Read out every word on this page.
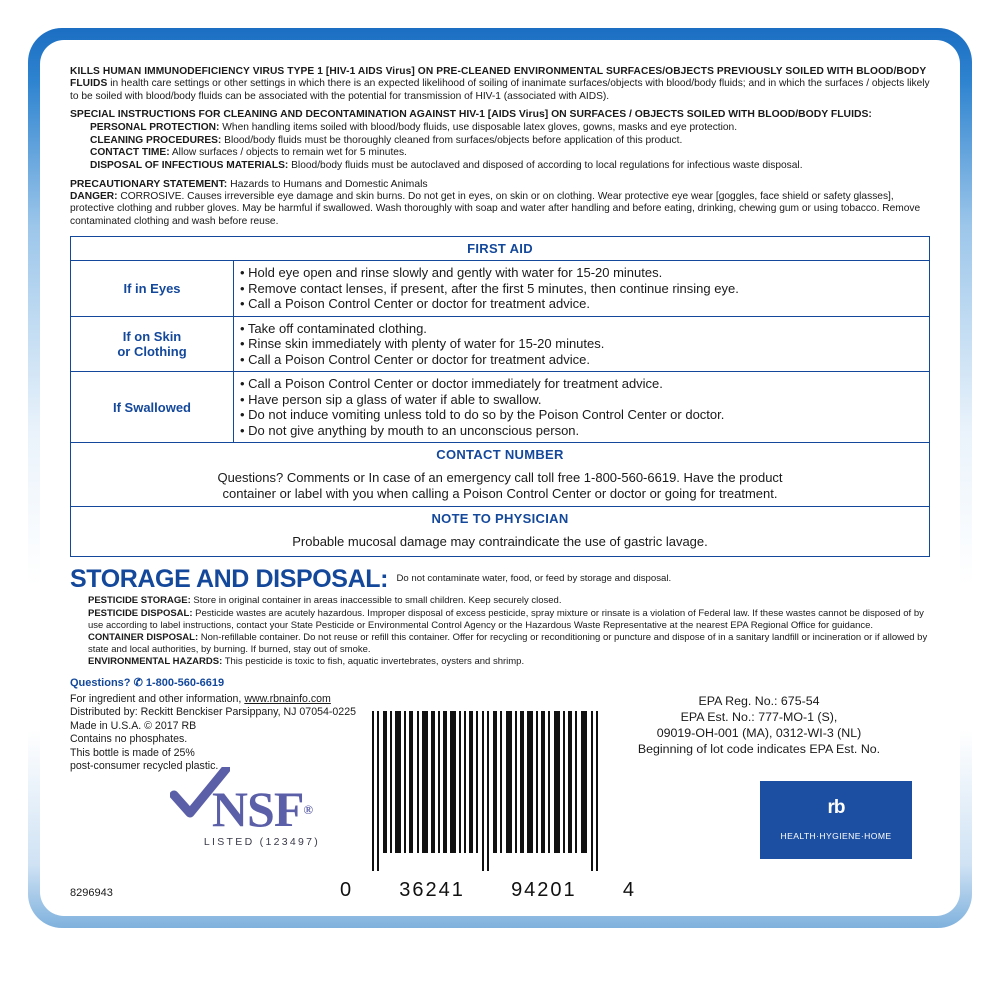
KILLS HUMAN IMMUNODEFICIENCY VIRUS TYPE 1 [HIV-1 AIDS Virus] ON PRE-CLEANED ENVIRONMENTAL SURFACES/OBJECTS PREVIOUSLY SOILED WITH BLOOD/BODY FLUIDS in health care settings or other settings in which there is an expected likelihood of soiling of inanimate surfaces/objects with blood/body fluids; and in which the surfaces / objects likely to be soiled with blood/body fluids can be associated with the potential for transmission of HIV-1 (associated with AIDS).

SPECIAL INSTRUCTIONS FOR CLEANING AND DECONTAMINATION AGAINST HIV-1 [AIDS Virus] ON SURFACES / OBJECTS SOILED WITH BLOOD/BODY FLUIDS:

PERSONAL PROTECTION: When handling items soiled with blood/body fluids, use disposable latex gloves, gowns, masks and eye protection.

CLEANING PROCEDURES: Blood/body fluids must be thoroughly cleaned from surfaces/objects before application of this product.

CONTACT TIME: Allow surfaces / objects to remain wet for 5 minutes.

DISPOSAL OF INFECTIOUS MATERIALS: Blood/body fluids must be autoclaved and disposed of according to local regulations for infectious waste disposal.

PRECAUTIONARY STATEMENT: Hazards to Humans and Domestic Animals

DANGER: CORROSIVE. Causes irreversible eye damage and skin burns. Do not get in eyes, on skin or on clothing. Wear protective eye wear [goggles, face shield or safety glasses], protective clothing and rubber gloves. May be harmful if swallowed. Wash thoroughly with soap and water after handling and before eating, drinking, chewing gum or using tobacco. Remove contaminated clothing and wash before reuse.

FIRST AID	
If in Eyes	• Hold eye open and rinse slowly and gently with water for 15-20 minutes.
• Remove contact lenses, if present, after the first 5 minutes, then continue rinsing eye.
• Call a Poison Control Center or doctor for treatment advice.

If on Skin
or Clothing

• Take off contaminated clothing.
• Rinse skin immediately with plenty of water for 15-20 minutes.
• Call a Poison Control Center or doctor for treatment advice.

If Swallowed	• Call a Poison Control Center or doctor immediately for treatment advice.
• Have person sip a glass of water if able to swallow.
• Do not induce vomiting unless told to do so by the Poison Control Center or doctor.
• Do not give anything by mouth to an unconscious person.

CONTACT NUMBER	

Questions? Comments or In case of an emergency call toll free 1-800-560-6619. Have the product
container or label with you when calling a Poison Control Center or doctor or going for treatment.	

NOTE TO PHYSICIAN	
Probable mucosal damage may contraindicate the use of gastric lavage.	
STORAGE AND DISPOSAL: Do not contaminate water, food, or feed by storage and disposal.

PESTICIDE STORAGE: Store in original container in areas inaccessible to small children. Keep securely closed.

PESTICIDE DISPOSAL: Pesticide wastes are acutely hazardous. Improper disposal of excess pesticide, spray mixture or rinsate is a violation of Federal law. If these wastes cannot be disposed of by use according to label instructions, contact your State Pesticide or Environmental Control Agency or the Hazardous Waste Representative at the nearest EPA Regional Office for guidance.

CONTAINER DISPOSAL: Non-refillable container. Do not reuse or refill this container. Offer for recycling or reconditioning or puncture and dispose of in a sanitary landfill or incineration or if allowed by state and local authorities, by burning. If burned, stay out of smoke.

ENVIRONMENTAL HAZARDS: This pesticide is toxic to fish, aquatic invertebrates, oysters and shrimp.

Questions? ✆ 1-800-560-6619
For ingredient and other information, www.rbnainfo.com
Distributed by: Reckitt Benckiser Parsippany, NJ 07054-0225
Made in U.S.A. © 2017 RB
Contains no phosphates.
This bottle is made of 25%
post-consumer recycled plastic.
EPA Reg. No.: 675-54
EPA Est. No.: 777-MO-1 (S),
09019-OH-001 (MA), 0312-WI-3 (NL)
Beginning of lot code indicates EPA Est. No.
NSF®
LISTED (123497)
0 36241 94201 4
rb
HEALTH·HYGIENE·HOME
8296943
